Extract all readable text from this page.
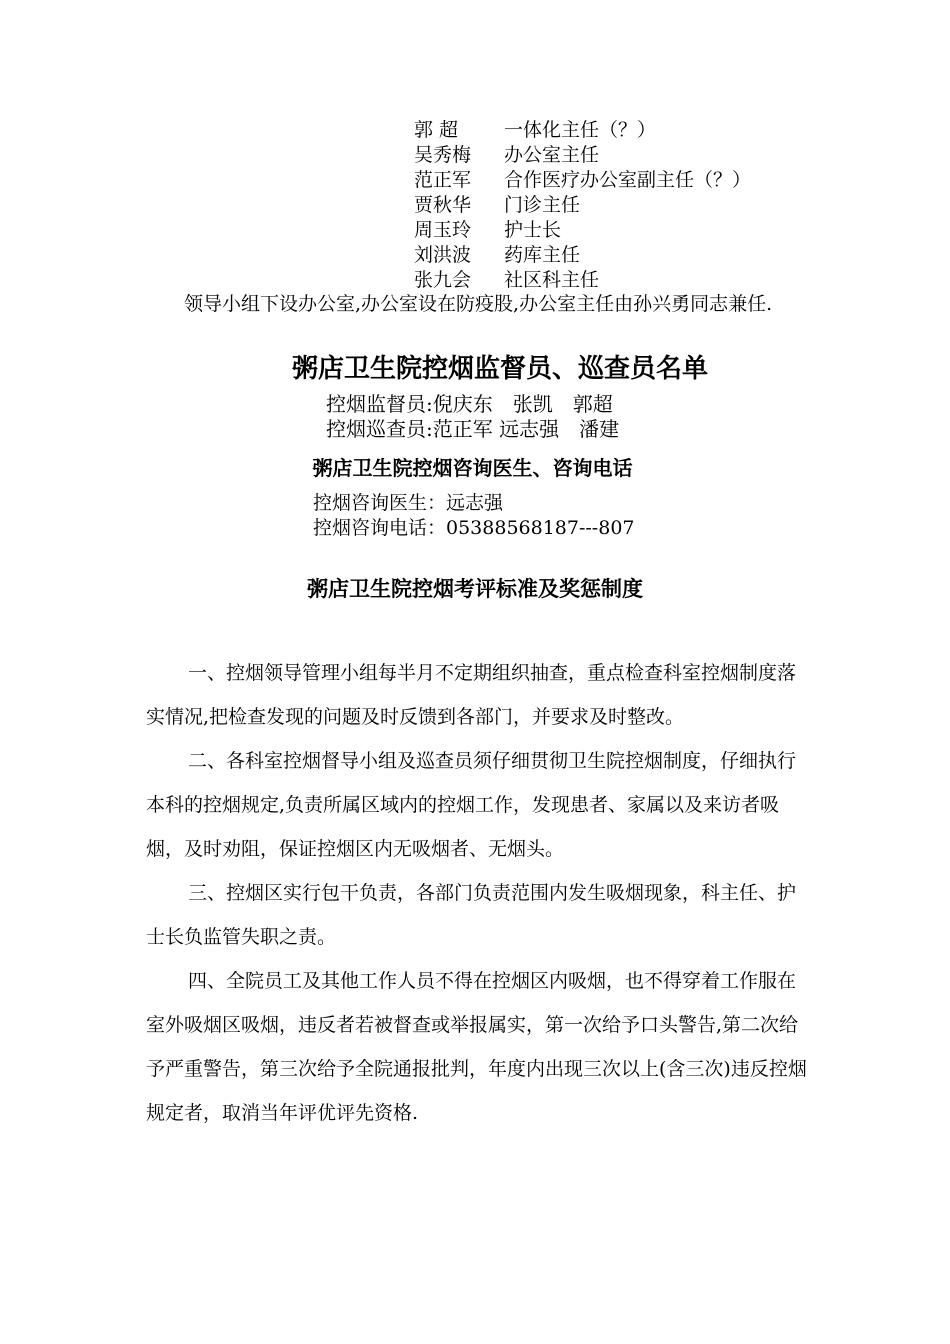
郭 超 一体化主任（？）
吴秀梅 办公室主任
范正军 合作医疗办公室副主任（？）
贾秋华 门诊主任
周玉玲 护士长
刘洪波 药库主任
张九会 社区科主任

领导小组下设办公室,办公室设在防疫股,办公室主任由孙兴勇同志兼任.

粥店卫生院控烟监督员、巡查员名单
控烟监督员:倪庆东　张凯　郭超
控烟巡查员:范正军 远志强　潘建
粥店卫生院控烟咨询医生、咨询电话
控烟咨询医生：远志强
控烟咨询电话：05388568187---807
粥店卫生院控烟考评标准及奖惩制度

一、控烟领导管理小组每半月不定期组织抽查，重点检查科室控烟制度落实情况,把检查发现的问题及时反馈到各部门，并要求及时整改。

二、各科室控烟督导小组及巡查员须仔细贯彻卫生院控烟制度，仔细执行本科的控烟规定,负责所属区域内的控烟工作，发现患者、家属以及来访者吸烟，及时劝阻，保证控烟区内无吸烟者、无烟头。

三、控烟区实行包干负责，各部门负责范围内发生吸烟现象，科主任、护士长负监管失职之责。

四、全院员工及其他工作人员不得在控烟区内吸烟，也不得穿着工作服在室外吸烟区吸烟，违反者若被督查或举报属实，第一次给予口头警告,第二次给予严重警告，第三次给予全院通报批判，年度内出现三次以上(含三次)违反控烟规定者，取消当年评优评先资格.
